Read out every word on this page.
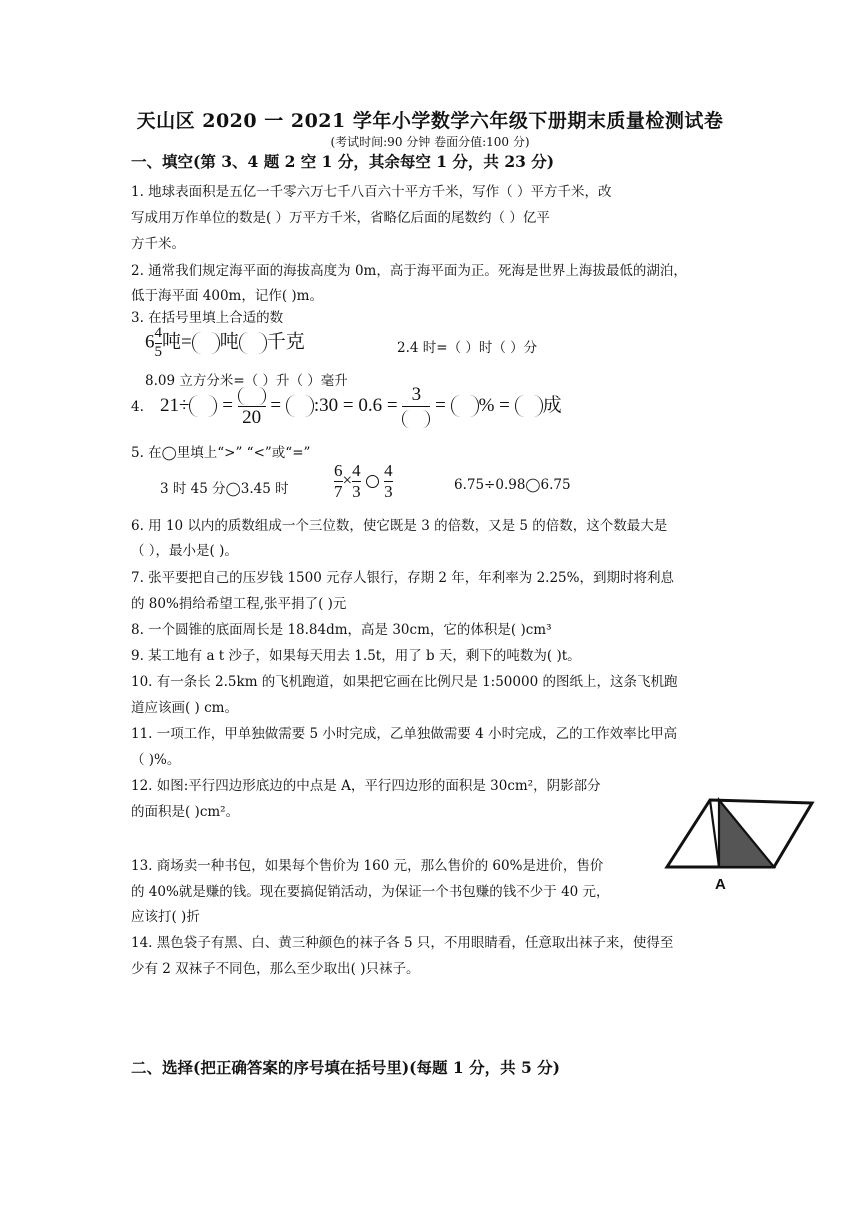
天山区 2020 一 2021 学年小学数学六年级下册期末质量检测试卷
(考试时间:90 分钟 卷面分值:100 分)
一、填空(第 3、4 题 2 空 1 分，其余每空 1 分，共 23 分)
1. 地球表面积是五亿一千零六万七千八百六十平方千米，写作（ ）平方千米，改
写成用万作单位的数是( ）万平方千米，省略亿后面的尾数约（ ）亿平
方千米。
2. 通常我们规定海平面的海拔高度为 0m，高于海平面为正。死海是世界上海拔最低的湖泊，
低于海平面 400m，记作( )m。
3. 在括号里填上合适的数
$6 \frac{4}{5}$ 吨= 吨 千克	2.4 时=（ ）时（ ）分
8.09 立方分米=（ ）升（ ）毫升
4. 21÷ =
20
= :30 = 0.6 =
3
= % = 成
5. 在◯里填上“>” “<”或“=”
3 时 45 分◯3.45 时	$\frac{6}{7} \times \frac{4}{3}$
$\frac{4}{3}$	6.75÷0.98◯6.75
6. 用 10 以内的质数组成一个三位数，使它既是 3 的倍数，又是 5 的倍数，这个数最大是
（ ），最小是( )。
7. 张平要把自己的压岁钱 1500 元存人银行，存期 2 年，年利率为 2.25%，到期时将利息
的 80%捐给希望工程,张平捐了( )元
8. 一个圆锥的底面周长是 18.84dm，高是 30cm，它的体积是( )cm³
9. 某工地有 a t 沙子，如果每天用去 1.5t，用了 b 天，剩下的吨数为( )t。
10. 有一条长 2.5km 的飞机跑道，如果把它画在比例尺是 1:50000 的图纸上，这条飞机跑
道应该画( ) cm。
11. 一项工作，甲单独做需要 5 小时完成，乙单独做需要 4 小时完成，乙的工作效率比甲高
（ )%。
12. 如图:平行四边形底边的中点是 A，平行四边形的面积是 30cm²，阴影部分
的面积是( )cm²。
A
13. 商场卖一种书包，如果每个售价为 160 元，那么售价的 60%是进价，售价
的 40%就是赚的钱。现在要搞促销活动，为保证一个书包赚的钱不少于 40 元，
应该打( )折
14. 黑色袋子有黑、白、黄三种颜色的袜子各 5 只，不用眼睛看，任意取出袜子来，使得至
少有 2 双袜子不同色，那么至少取出( )只袜子。
二、选择(把正确答案的序号填在括号里)(每题 1 分，共 5 分)
